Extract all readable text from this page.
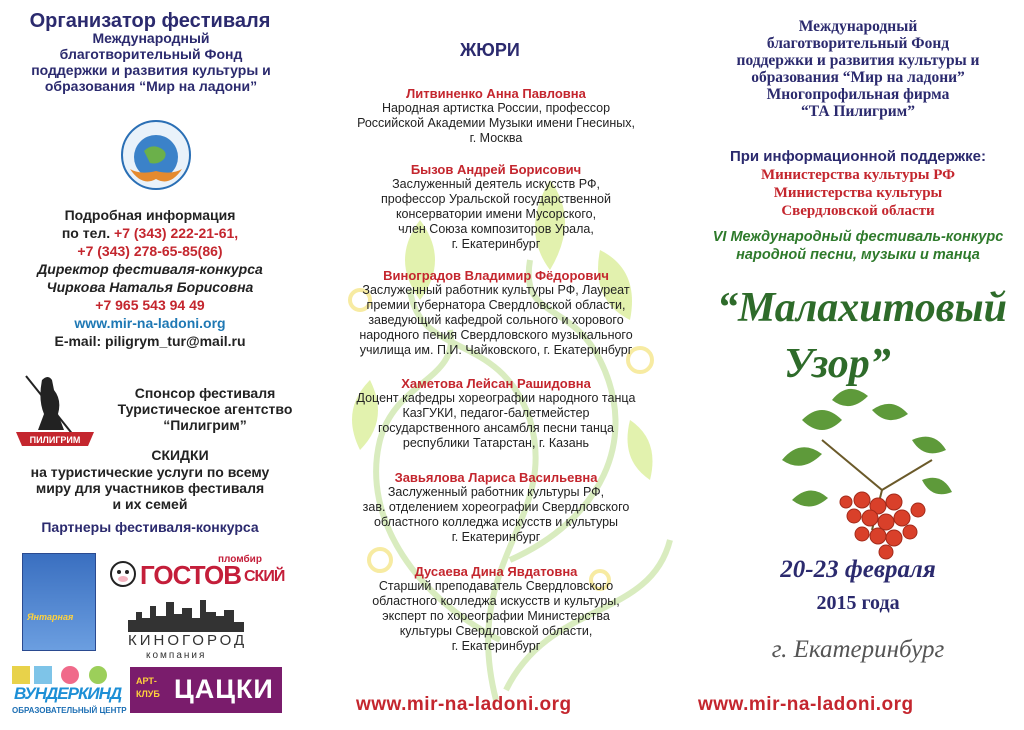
Организатор фестиваля

Международный

благотворительный Фонд

поддержки и развития культуры и

образования “Мир на ладони”

Подробная информация

по тел. +7 (343) 222-21-61,

+7 (343) 278-65-85(86)

Директор фестиваля-конкурса

Чиркова Наталья Борисовна

+7 965 543 94 49

www.mir-na-ladoni.org

E-mail: piligrym_tur@mail.ru

ПИЛИГРИМ

Спонсор фестиваля

Туристическое агентство

“Пилигрим”

СКИДКИ

на туристические услуги по всему

миру для участников фестиваля

и их семей

Партнеры фестиваля-конкурса
Янтарная
ГОСТОВ
пломбир
СКИЙ
КИНОГОРОД
компания
ВУНДЕРКИНД
ОБРАЗОВАТЕЛЬНЫЙ ЦЕНТР
АРТ-
КЛУБ ЦАЦКИ
ЖЮРИ

Литвиненко Анна Павловна

Народная артистка России, профессор

Российской Академии Музыки имени Гнесиных,

г. Москва

Бызов Андрей Борисович

Заслуженный деятель искусств РФ,

профессор Уральской государственной

консерватории имени Мусорского,

член Союза композиторов Урала,

г. Екатеринбург

Виноградов Владимир Фёдорович

Заслуженный работник культуры РФ, Лауреат

премии губернатора Свердловской области,

заведующий кафедрой сольного и хорового

народного пения Свердловского музыкального

училища им. П.И. Чайковского, г. Екатеринбург

Хаметова Лейсан Рашидовна

Доцент кафедры хореографии народного танца

КазГУКИ, педагог-балетмейстер

государственного ансамбля песни танца

республики Татарстан, г. Казань

Завьялова Лариса Васильевна

Заслуженный работник культуры РФ,

зав. отделением хореографии Свердловского

областного колледжа искусств и культуры

г. Екатеринбург

Дусаева Дина Явдатовна

Старший преподаватель Свердловского

областного колледжа искусств и культуры,

эксперт по хореографии Министерства

культуры Свердловской области,

г. Екатеринбург

www.mir-na-ladoni.org

Международный

благотворительный Фонд

поддержки и развития культуры и

образования “Мир на ладони”

Многопрофильная фирма

“ТА Пилигрим”

При информационной поддержке:

Министерства культуры РФ

Министерства культуры

Свердловской области

VI Международный фестиваль-конкурс

народной песни, музыки и танца

“Малахитовый
Узор”
20-23 февраля
2015 года
г. Екатеринбург
www.mir-na-ladoni.org
